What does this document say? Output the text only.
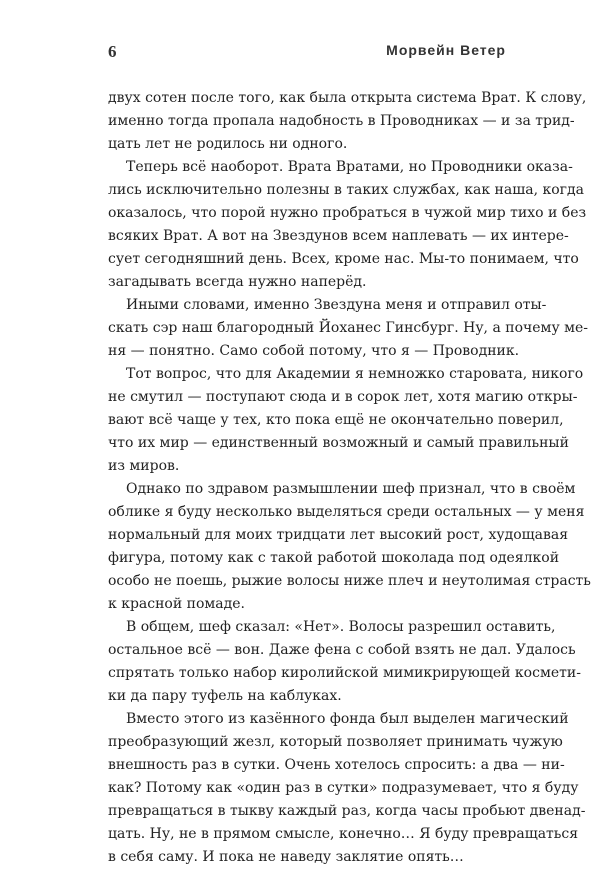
6	Морвейн Ветер
двух сотен после того, как была открыта система Врат. К слову,
именно тогда пропала надобность в Проводниках — и за трид-
цать лет не родилось ни одного.
Теперь всё наоборот. Врата Вратами, но Проводники оказа-
лись исключительно полезны в таких службах, как наша, когда
оказалось, что порой нужно пробраться в чужой мир тихо и без
всяких Врат. А вот на Звездунов всем наплевать — их интере-
сует сегодняшний день. Всех, кроме нас. Мы-то понимаем, что
загадывать всегда нужно наперёд.
Иными словами, именно Звездуна меня и отправил оты-
скать сэр наш благородный Йоханес Гинсбург. Ну, а почему ме-
ня — понятно. Само собой потому, что я — Проводник.
Тот вопрос, что для Академии я немножко староватa, никого
не смутил — поступают сюда и в сорок лет, хотя магию откры-
вают всё чаще у тех, кто пока ещё не окончательно поверил,
что их мир — единственный возможный и самый правильный
из миров.
Однако по здравом размышлении шеф признал, что в своём
облике я буду несколько выделяться среди остальных — у меня
нормальный для моих тридцати лет высокий рост, худощавая
фигура, потому как с такой работой шоколада под одеялкой
особо не поешь, рыжие волосы ниже плеч и неутолимая страсть
к красной помаде.
В общем, шеф сказал: «Нет». Волосы разрешил оставить,
остальное всё — вон. Даже фена с собой взять не дал. Удалось
спрятать только набор киролийской мимикрирующей космети-
ки да пару туфель на каблуках.
Вместо этого из казённого фонда был выделен магический
преобразующий жезл, который позволяет принимать чужую
внешность раз в сутки. Очень хотелось спросить: а два — ни-
как? Потому как «один раз в сутки» подразумевает, что я буду
превращаться в тыкву каждый раз, когда часы пробьют двенад-
цать. Ну, не в прямом смысле, конечно… Я буду превращаться
в себя саму. И пока не наведу заклятие опять…
